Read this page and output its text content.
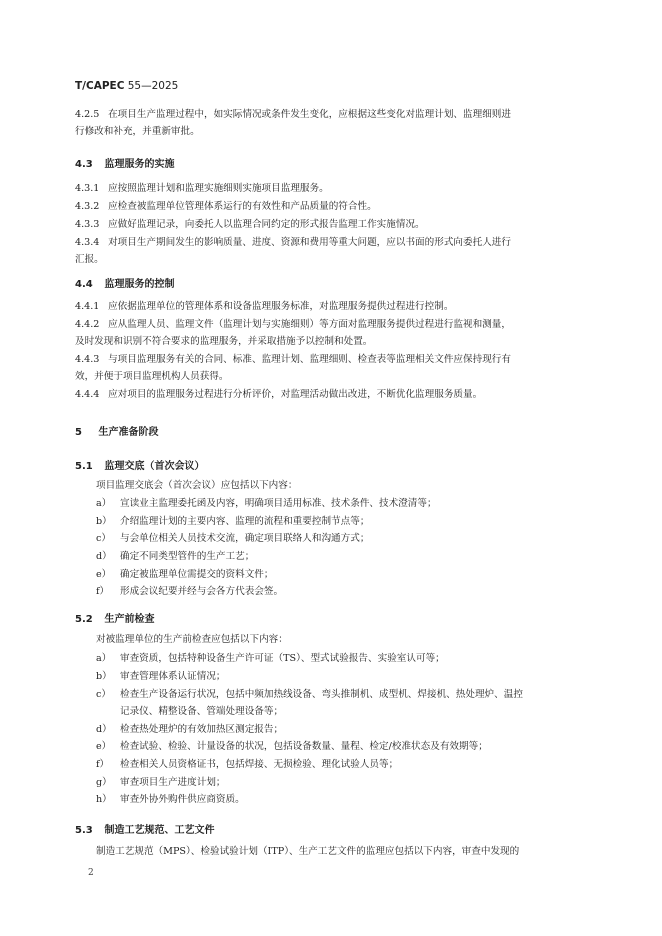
T/CAPEC 55—2025
4.2.5 在项目生产监理过程中，如实际情况或条件发生变化，应根据这些变化对监理计划、监理细则进
行修改和补充，并重新审批。
4.3 监理服务的实施
4.3.1 应按照监理计划和监理实施细则实施项目监理服务。
4.3.2 应检查被监理单位管理体系运行的有效性和产品质量的符合性。
4.3.3 应做好监理记录，向委托人以监理合同约定的形式报告监理工作实施情况。
4.3.4 对项目生产期间发生的影响质量、进度、资源和费用等重大问题，应以书面的形式向委托人进行
汇报。
4.4 监理服务的控制
4.4.1 应依据监理单位的管理体系和设备监理服务标准，对监理服务提供过程进行控制。
4.4.2 应从监理人员、监理文件（监理计划与实施细则）等方面对监理服务提供过程进行监视和测量，
及时发现和识别不符合要求的监理服务，并采取措施予以控制和处置。
4.4.3 与项目监理服务有关的合同、标准、监理计划、监理细则、检查表等监理相关文件应保持现行有
效，并便于项目监理机构人员获得。
4.4.4 应对项目的监理服务过程进行分析评价，对监理活动做出改进，不断优化监理服务质量。
5 生产准备阶段
5.1 监理交底（首次会议）
项目监理交底会（首次会议）应包括以下内容：
a） 宣读业主监理委托函及内容，明确项目适用标准、技术条件、技术澄清等；
b） 介绍监理计划的主要内容、监理的流程和重要控制节点等；
c） 与会单位相关人员技术交流，确定项目联络人和沟通方式；
d） 确定不同类型管件的生产工艺；
e） 确定被监理单位需提交的资料文件；
f） 形成会议纪要并经与会各方代表会签。
5.2 生产前检查
对被监理单位的生产前检查应包括以下内容：
a） 审查资质，包括特种设备生产许可证（TS）、型式试验报告、实验室认可等；
b） 审查管理体系认证情况；
c） 检查生产设备运行状况，包括中频加热线设备、弯头推制机、成型机、焊接机、热处理炉、温控
记录仪、精整设备、管端处理设备等；
d） 检查热处理炉的有效加热区测定报告；
e） 检查试验、检验、计量设备的状况，包括设备数量、量程、检定/校准状态及有效期等；
f） 检查相关人员资格证书，包括焊接、无损检验、理化试验人员等；
g） 审查项目生产进度计划；
h） 审查外协外购件供应商资质。
5.3 制造工艺规范、工艺文件
制造工艺规范（MPS）、检验试验计划（ITP）、生产工艺文件的监理应包括以下内容，审查中发现的
2
